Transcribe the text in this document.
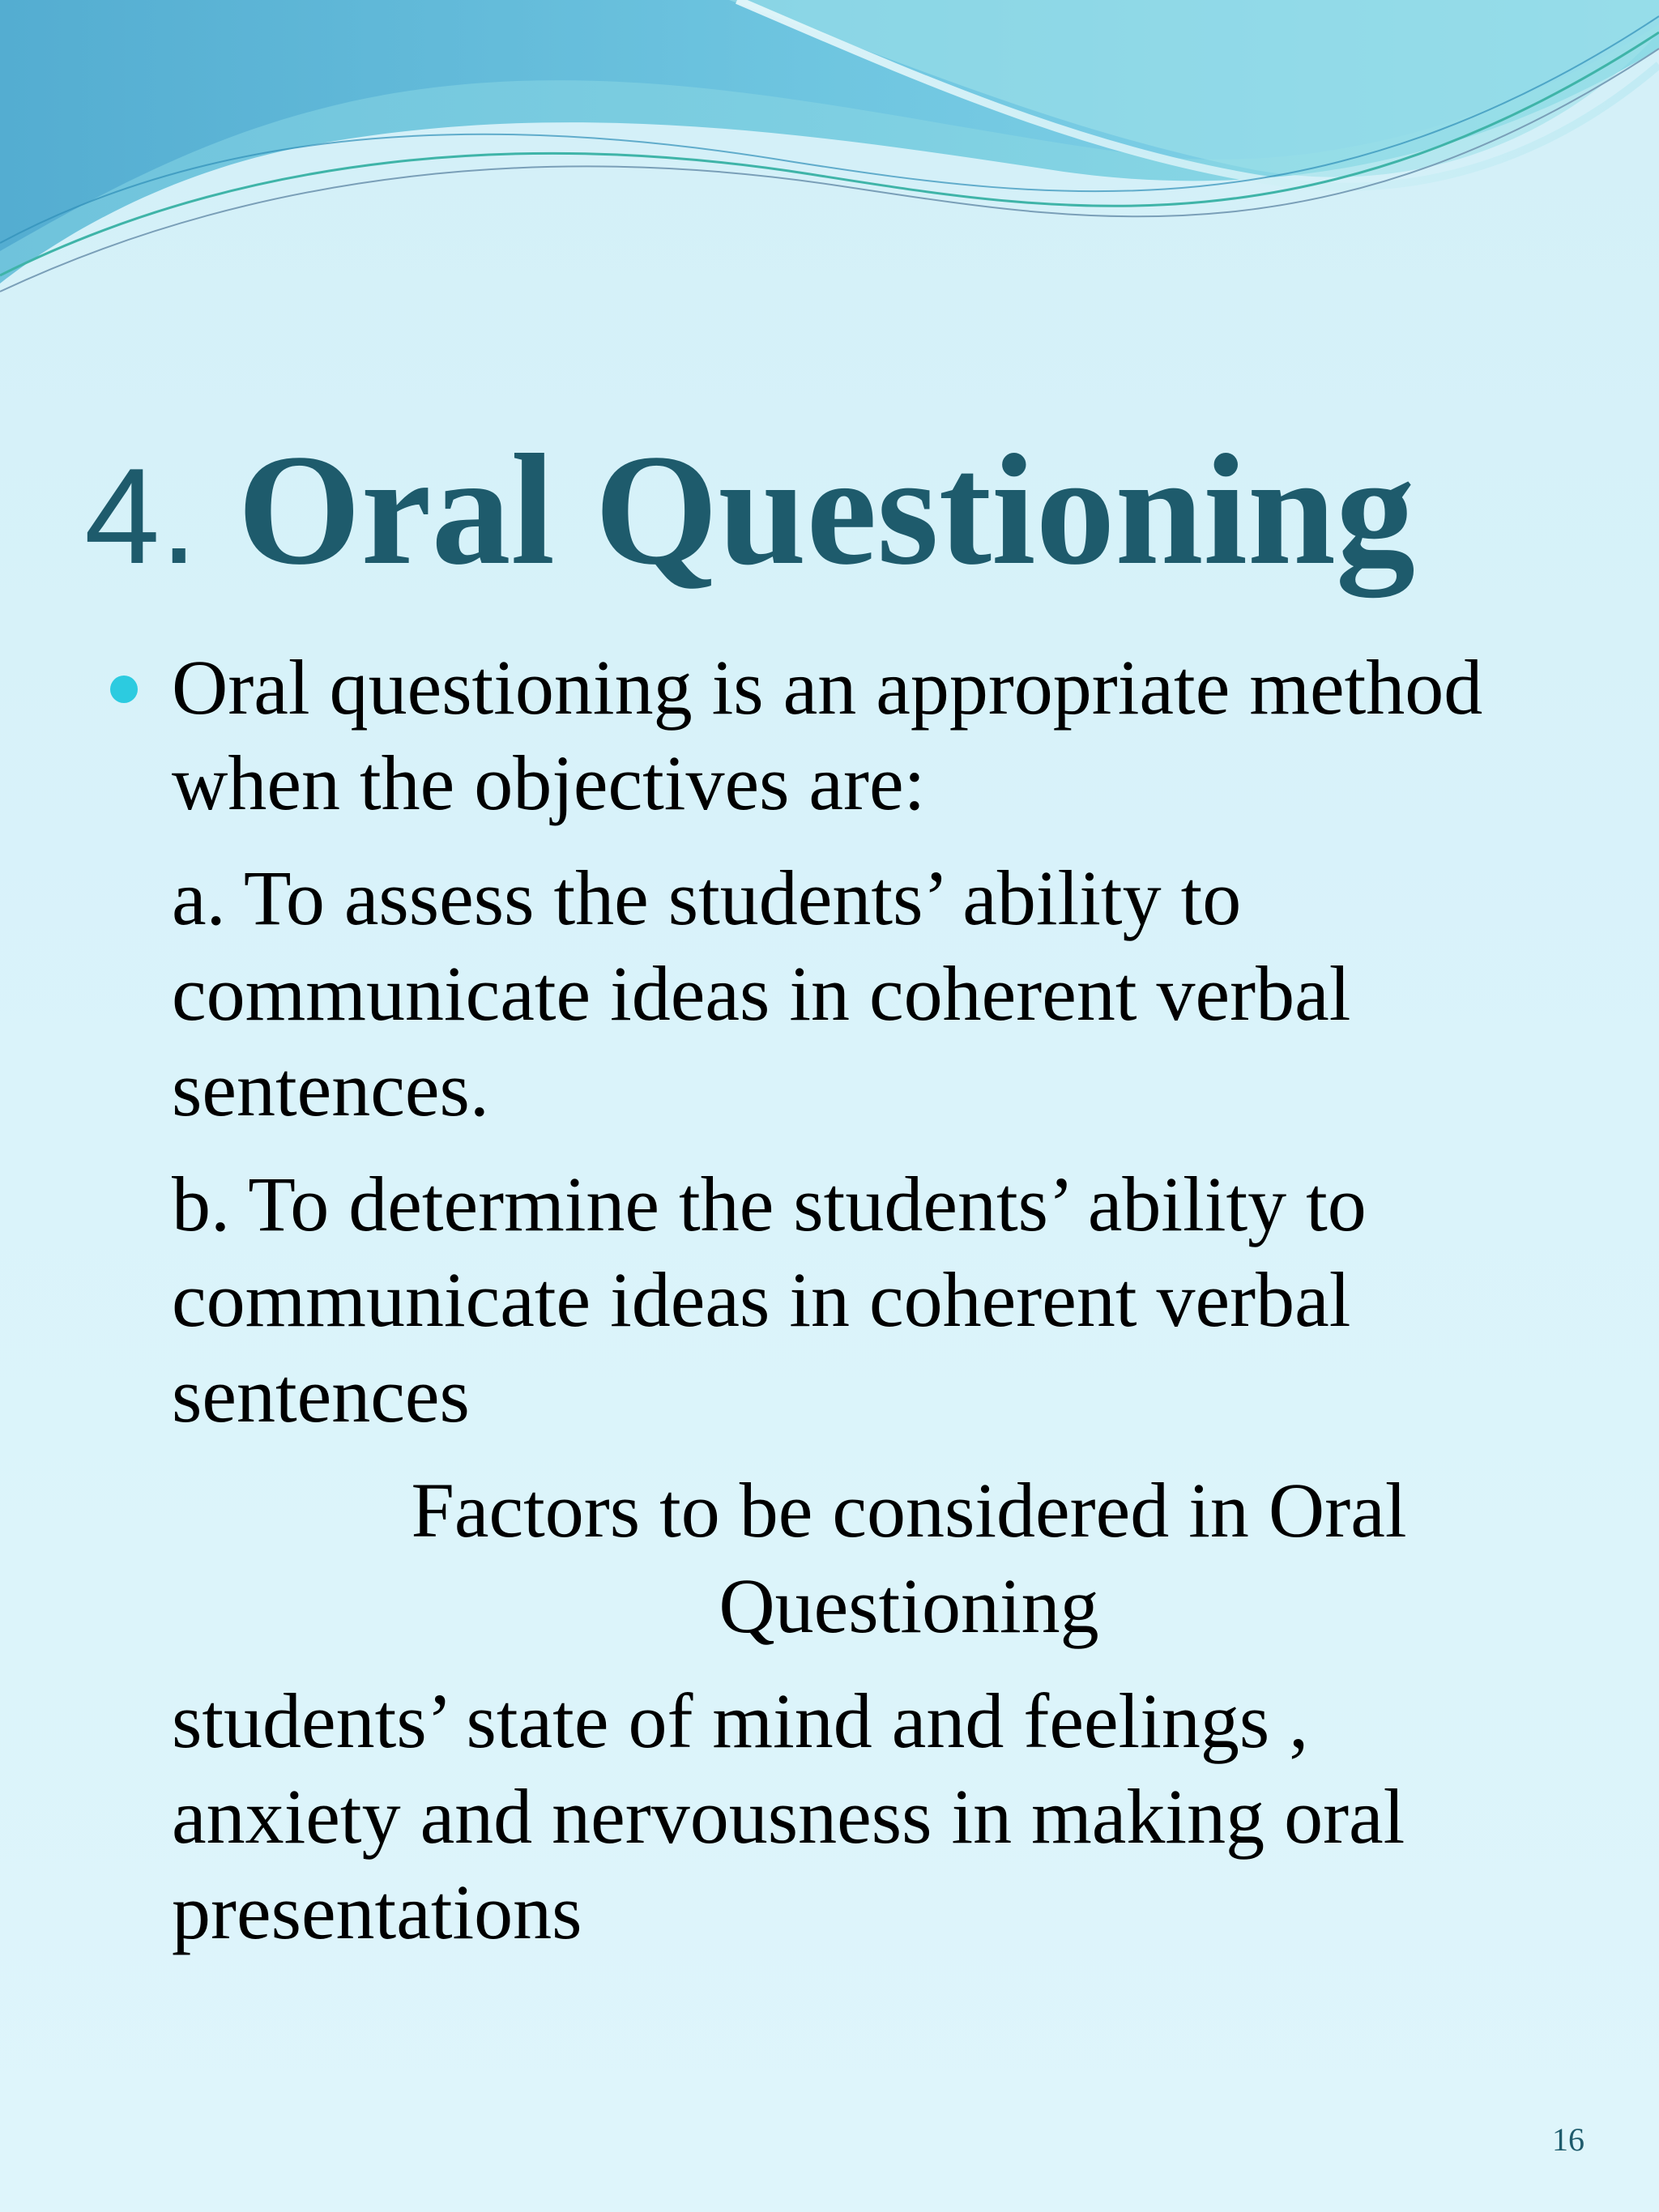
4. Oral Questioning

Oral questioning is an appropriate method when the objectives are:

a. To assess the students’ ability to communicate ideas in coherent verbal sentences.

b. To determine the students’ ability to communicate ideas in coherent verbal sentences

Factors to be considered in Oral Questioning

students’ state of mind and feelings , anxiety and nervousness in making oral presentations

16
